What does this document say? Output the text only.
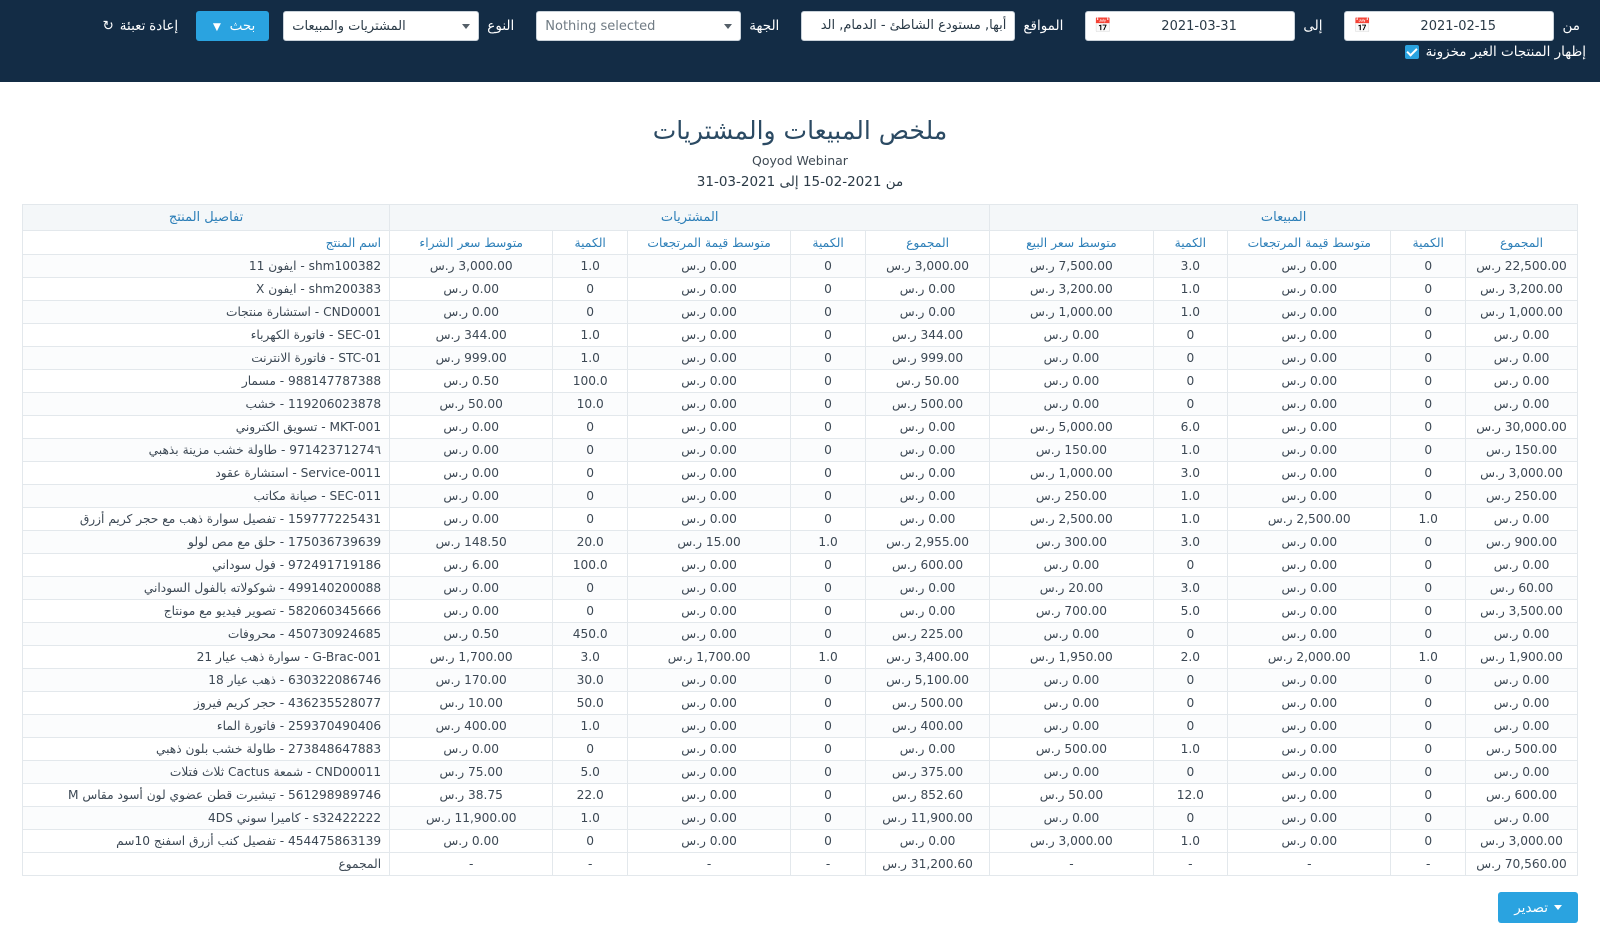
من
2021-02-15
📅
إلى
2021-03-31
📅
المواقع
أبها, مستودع الشاطئ - الدمام, الد
الجهة
Nothing selected
النوع
المشتريات والمبيعات
بحث
▼
إعادة تعبئة
↻
إظهار المنتجات الغير مخزونة
ملخص المبيعات والمشتريات
Qoyod Webinar
من 2021-02-15 إلى 2021-03-31
المبيعات					المشتريات					تفاصيل المنتج
المجموع	الكمية	متوسط قيمة المرتجعات	الكمية	متوسط سعر البيع	المجموع	الكمية	متوسط قيمة المرتجعات	الكمية	متوسط سعر الشراء	اسم المنتج
22,500.00 ر.س	0	0.00 ر.س	3.0	7,500.00 ر.س	3,000.00 ر.س	0	0.00 ر.س	1.0	3,000.00 ر.س	shm100382 - ايفون 11
3,200.00 ر.س	0	0.00 ر.س	1.0	3,200.00 ر.س	0.00 ر.س	0	0.00 ر.س	0	0.00 ر.س	shm200383 - ايفون X
1,000.00 ر.س	0	0.00 ر.س	1.0	1,000.00 ر.س	0.00 ر.س	0	0.00 ر.س	0	0.00 ر.س	CND0001 - استشارة منتجات
0.00 ر.س	0	0.00 ر.س	0	0.00 ر.س	344.00 ر.س	0	0.00 ر.س	1.0	344.00 ر.س	SEC-01 - فاتورة الكهرباء
0.00 ر.س	0	0.00 ر.س	0	0.00 ر.س	999.00 ر.س	0	0.00 ر.س	1.0	999.00 ر.س	STC-01 - فاتورة الانترنت
0.00 ر.س	0	0.00 ر.س	0	0.00 ر.س	50.00 ر.س	0	0.00 ر.س	100.0	0.50 ر.س	988147787388 - مسمار
0.00 ر.س	0	0.00 ر.س	0	0.00 ر.س	500.00 ر.س	0	0.00 ر.س	10.0	50.00 ر.س	119206023878 - خشب
30,000.00 ر.س	0	0.00 ر.س	6.0	5,000.00 ر.س	0.00 ر.س	0	0.00 ر.س	0	0.00 ر.س	MKT-001 - تسويق الكتروني
150.00 ر.س	0	0.00 ر.س	1.0	150.00 ر.س	0.00 ر.س	0	0.00 ر.س	0	0.00 ر.س	97142371274٦ - طاولة خشب مزينة بذهبي
3,000.00 ر.س	0	0.00 ر.س	3.0	1,000.00 ر.س	0.00 ر.س	0	0.00 ر.س	0	0.00 ر.س	Service-0011 - استشارة عقود
250.00 ر.س	0	0.00 ر.س	1.0	250.00 ر.س	0.00 ر.س	0	0.00 ر.س	0	0.00 ر.س	SEC-011 - صيانة مكاتب
0.00 ر.س	1.0	2,500.00 ر.س	1.0	2,500.00 ر.س	0.00 ر.س	0	0.00 ر.س	0	0.00 ر.س	159777225431 - تفصيل سوارة ذهب مع حجر كريم أزرق
900.00 ر.س	0	0.00 ر.س	3.0	300.00 ر.س	2,955.00 ر.س	1.0	15.00 ر.س	20.0	148.50 ر.س	175036739639 - حلق مع مص لولو
0.00 ر.س	0	0.00 ر.س	0	0.00 ر.س	600.00 ر.س	0	0.00 ر.س	100.0	6.00 ر.س	972491719186 - فول سوداني
60.00 ر.س	0	0.00 ر.س	3.0	20.00 ر.س	0.00 ر.س	0	0.00 ر.س	0	0.00 ر.س	499140200088 - شوكولاته بالفول السوداني
3,500.00 ر.س	0	0.00 ر.س	5.0	700.00 ر.س	0.00 ر.س	0	0.00 ر.س	0	0.00 ر.س	582060345666 - تصوير فيديو مع مونتاج
0.00 ر.س	0	0.00 ر.س	0	0.00 ر.س	225.00 ر.س	0	0.00 ر.س	450.0	0.50 ر.س	450730924685 - محروفات
1,900.00 ر.س	1.0	2,000.00 ر.س	2.0	1,950.00 ر.س	3,400.00 ر.س	1.0	1,700.00 ر.س	3.0	1,700.00 ر.س	G-Brac-001 - سوارة ذهب عيار 21
0.00 ر.س	0	0.00 ر.س	0	0.00 ر.س	5,100.00 ر.س	0	0.00 ر.س	30.0	170.00 ر.س	630322086746 - ذهب عيار 18
0.00 ر.س	0	0.00 ر.س	0	0.00 ر.س	500.00 ر.س	0	0.00 ر.س	50.0	10.00 ر.س	436235528077 - حجر كريم فيروز
0.00 ر.س	0	0.00 ر.س	0	0.00 ر.س	400.00 ر.س	0	0.00 ر.س	1.0	400.00 ر.س	259370490406 - فاتورة الماء
500.00 ر.س	0	0.00 ر.س	1.0	500.00 ر.س	0.00 ر.س	0	0.00 ر.س	0	0.00 ر.س	273848647883 - طاولة خشب بلون ذهبي
0.00 ر.س	0	0.00 ر.س	0	0.00 ر.س	375.00 ر.س	0	0.00 ر.س	5.0	75.00 ر.س	CND00011 - شمعة Cactus ثلاث فتلات
600.00 ر.س	0	0.00 ر.س	12.0	50.00 ر.س	852.60 ر.س	0	0.00 ر.س	22.0	38.75 ر.س	561298989746 - تيشيرت قطن عضوي لون أسود مقاس M
0.00 ر.س	0	0.00 ر.س	0	0.00 ر.س	11,900.00 ر.س	0	0.00 ر.س	1.0	11,900.00 ر.س	s32422222 - كاميرا سوني 4DS
3,000.00 ر.س	0	0.00 ر.س	1.0	3,000.00 ر.س	0.00 ر.س	0	0.00 ر.س	0	0.00 ر.س	454475863139 - تفصيل كنب أزرق اسفنج 10سم
70,560.00 ر.س	-	-	-	-	31,200.60 ر.س	-	-	-	-	المجموع
تصدير
